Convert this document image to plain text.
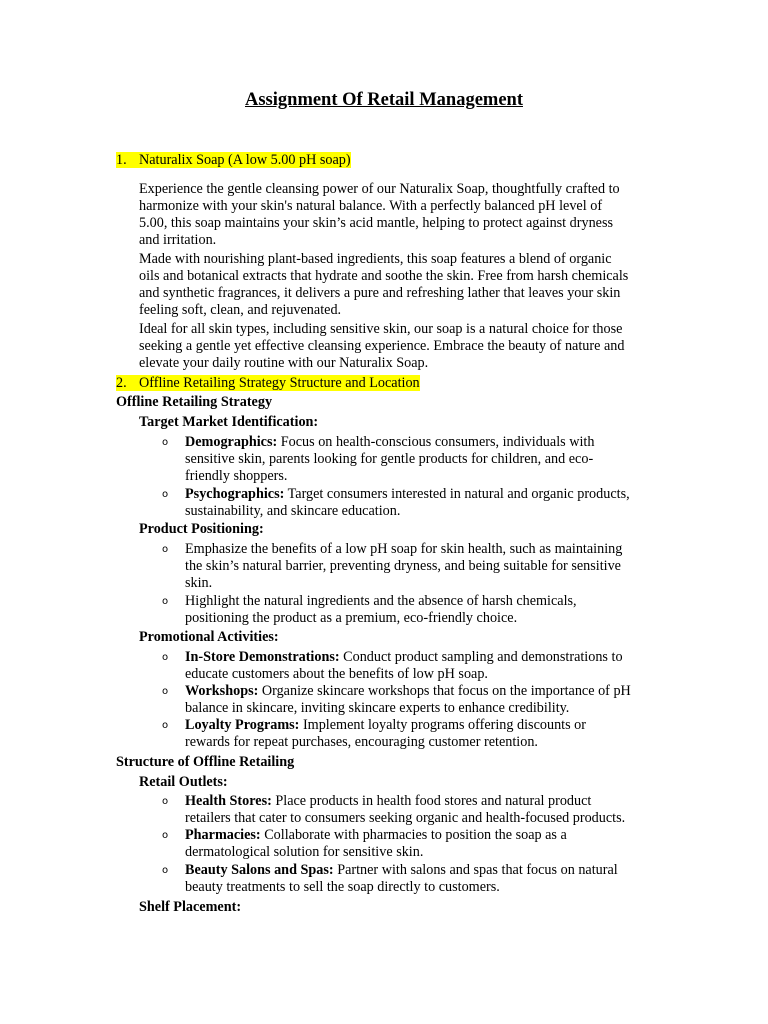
Assignment Of Retail Management
1. Naturalix Soap (A low 5.00 pH soap)
Experience the gentle cleansing power of our Naturalix Soap, thoughtfully crafted to
harmonize with your skin's natural balance. With a perfectly balanced pH level of
5.00, this soap maintains your skin’s acid mantle, helping to protect against dryness
and irritation.
Made with nourishing plant-based ingredients, this soap features a blend of organic
oils and botanical extracts that hydrate and soothe the skin. Free from harsh chemicals
and synthetic fragrances, it delivers a pure and refreshing lather that leaves your skin
feeling soft, clean, and rejuvenated.
Ideal for all skin types, including sensitive skin, our soap is a natural choice for those
seeking a gentle yet effective cleansing experience. Embrace the beauty of nature and
elevate your daily routine with our Naturalix Soap.
2. Offline Retailing Strategy Structure and Location
Offline Retailing Strategy
Target Market Identification:
o Demographics: Focus on health-conscious consumers, individuals with
sensitive skin, parents looking for gentle products for children, and eco-
friendly shoppers.
o Psychographics: Target consumers interested in natural and organic products,
sustainability, and skincare education.
Product Positioning:
o Emphasize the benefits of a low pH soap for skin health, such as maintaining
the skin’s natural barrier, preventing dryness, and being suitable for sensitive
skin.
o Highlight the natural ingredients and the absence of harsh chemicals,
positioning the product as a premium, eco-friendly choice.
Promotional Activities:
o In-Store Demonstrations: Conduct product sampling and demonstrations to
educate customers about the benefits of low pH soap.
o Workshops: Organize skincare workshops that focus on the importance of pH
balance in skincare, inviting skincare experts to enhance credibility.
o Loyalty Programs: Implement loyalty programs offering discounts or
rewards for repeat purchases, encouraging customer retention.
Structure of Offline Retailing
Retail Outlets:
o Health Stores: Place products in health food stores and natural product
retailers that cater to consumers seeking organic and health-focused products.
o Pharmacies: Collaborate with pharmacies to position the soap as a
dermatological solution for sensitive skin.
o Beauty Salons and Spas: Partner with salons and spas that focus on natural
beauty treatments to sell the soap directly to customers.
Shelf Placement:
